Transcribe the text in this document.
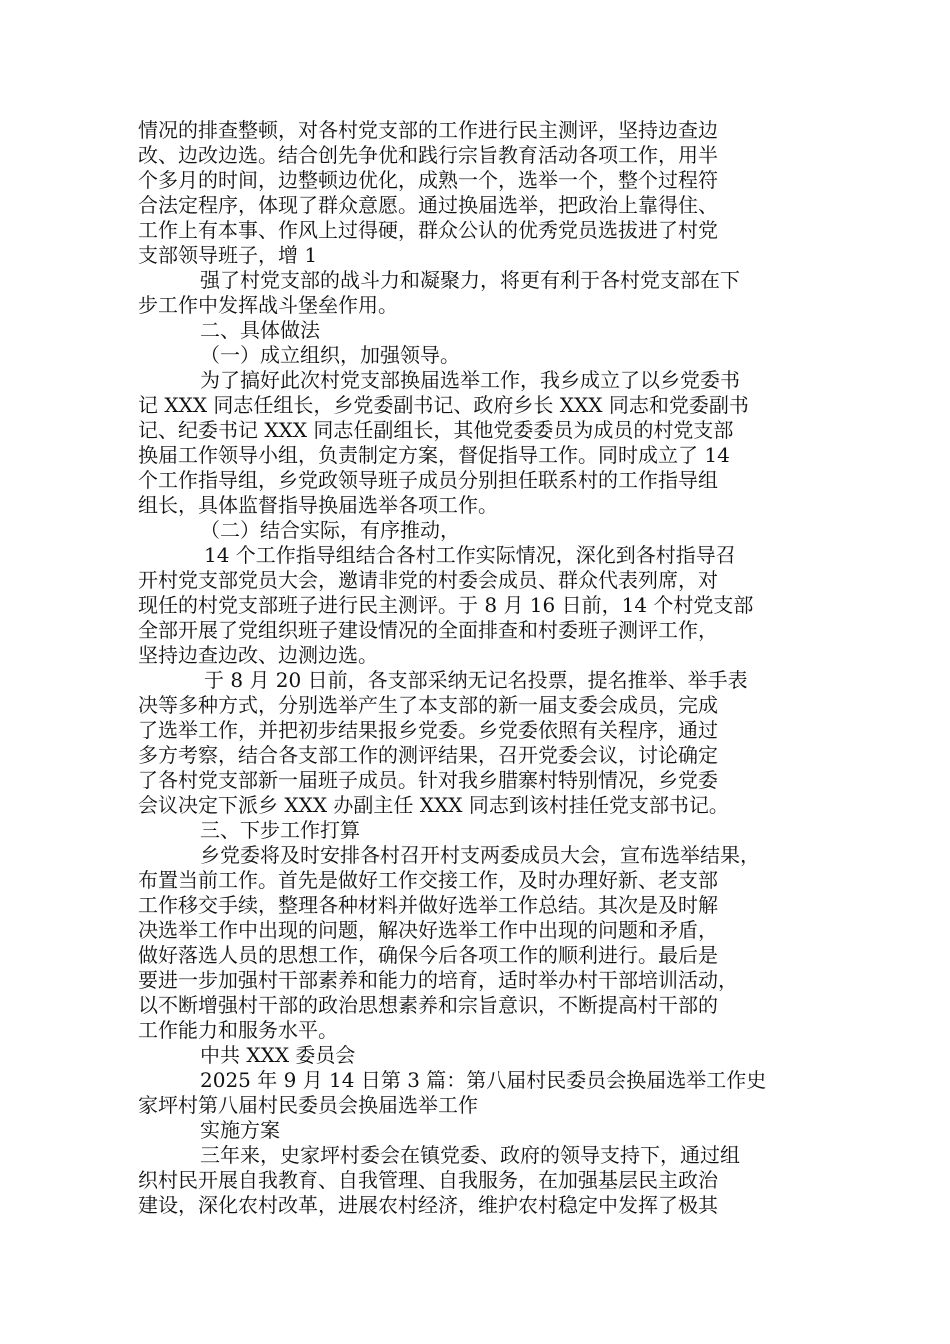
情况的排查整顿，对各村党支部的工作进行民主测评，坚持边查边
改、边改边选。结合创先争优和践行宗旨教育活动各项工作，用半
个多月的时间，边整顿边优化，成熟一个，选举一个，整个过程符
合法定程序，体现了群众意愿。通过换届选举，把政治上靠得住、
工作上有本事、作风上过得硬，群众公认的优秀党员选拔进了村党
支部领导班子，增 1
强了村党支部的战斗力和凝聚力，将更有利于各村党支部在下
步工作中发挥战斗堡垒作用。
二、具体做法
（一）成立组织，加强领导。
为了搞好此次村党支部换届选举工作，我乡成立了以乡党委书
记 XXX 同志任组长，乡党委副书记、政府乡长 XXX 同志和党委副书
记、纪委书记 XXX 同志任副组长，其他党委委员为成员的村党支部
换届工作领导小组，负责制定方案，督促指导工作。同时成立了 14
个工作指导组，乡党政领导班子成员分别担任联系村的工作指导组
组长，具体监督指导换届选举各项工作。
（二）结合实际，有序推动，
14 个工作指导组结合各村工作实际情况，深化到各村指导召
开村党支部党员大会，邀请非党的村委会成员、群众代表列席，对
现任的村党支部班子进行民主测评。于 8 月 16 日前，14 个村党支部
全部开展了党组织班子建设情况的全面排查和村委班子测评工作，
坚持边查边改、边测边选。
于 8 月 20 日前，各支部采纳无记名投票，提名推举、举手表
决等多种方式，分别选举产生了本支部的新一届支委会成员，完成
了选举工作，并把初步结果报乡党委。乡党委依照有关程序，通过
多方考察，结合各支部工作的测评结果，召开党委会议，讨论确定
了各村党支部新一届班子成员。针对我乡腊寨村特别情况，乡党委
会议决定下派乡 XXX 办副主任 XXX 同志到该村挂任党支部书记。
三、下步工作打算
乡党委将及时安排各村召开村支两委成员大会，宣布选举结果，
布置当前工作。首先是做好工作交接工作，及时办理好新、老支部
工作移交手续，整理各种材料并做好选举工作总结。其次是及时解
决选举工作中出现的问题，解决好选举工作中出现的问题和矛盾，
做好落选人员的思想工作，确保今后各项工作的顺利进行。最后是
要进一步加强村干部素养和能力的培育，适时举办村干部培训活动，
以不断增强村干部的政治思想素养和宗旨意识，不断提高村干部的
工作能力和服务水平。
中共 XXX 委员会
2025 年 9 月 14 日第 3 篇：第八届村民委员会换届选举工作史
家坪村第八届村民委员会换届选举工作
实施方案
三年来，史家坪村委会在镇党委、政府的领导支持下，通过组
织村民开展自我教育、自我管理、自我服务，在加强基层民主政治
建设，深化农村改革，进展农村经济，维护农村稳定中发挥了极其
